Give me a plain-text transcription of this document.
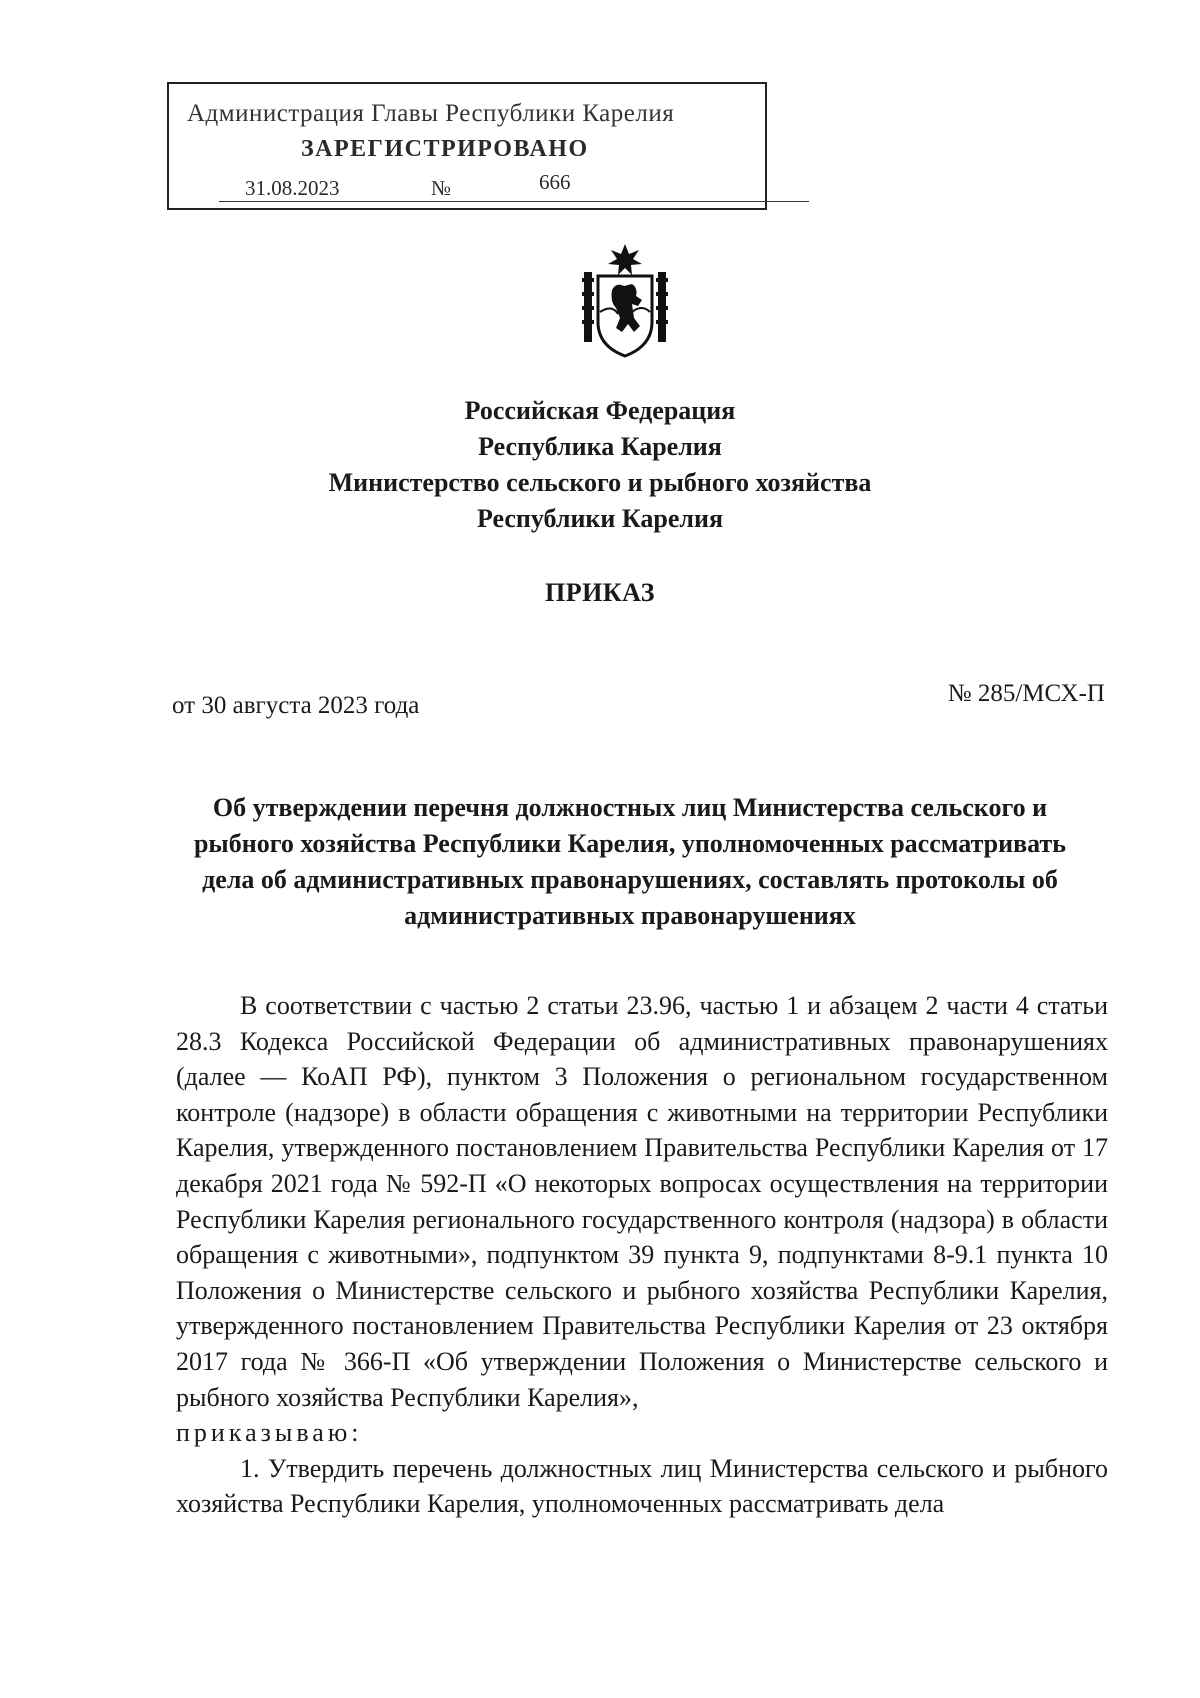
Администрация Главы Республики Карелия
ЗАРЕГИСТРИРОВАНО
31.08.2023	№	666
Российская Федерация
Республика Карелия
Министерство сельского и рыбного хозяйства
Республики Карелия
ПРИКАЗ
от 30 августа 2023 года	№ 285/МСХ-П
Об утверждении перечня должностных лиц Министерства сельского и рыбного хозяйства Республики Карелия, уполномоченных рассматривать дела об административных правонарушениях, составлять протоколы об административных правонарушениях

В соответствии с частью 2 статьи 23.96, частью 1 и абзацем 2 части 4 статьи 28.3 Кодекса Российской Федерации об административных правонарушениях (далее — КоАП РФ), пунктом 3 Положения о региональном государственном контроле (надзоре) в области обращения с животными на территории Республики Карелия, утвержденного постановлением Правительства Республики Карелия от 17 декабря 2021 года № 592-П «О некоторых вопросах осуществления на территории Республики Карелия регионального государственного контроля (надзора) в области обращения с животными», подпунктом 39 пункта 9, подпунктами 8-9.1 пункта 10 Положения о Министерстве сельского и рыбного хозяйства Республики Карелия, утвержденного постановлением Правительства Республики Карелия от 23 октября 2017 года № 366-П «Об утверждении Положения о Министерстве сельского и рыбного хозяйства Республики Карелия»,

приказываю:

1. Утвердить перечень должностных лиц Министерства сельского и рыбного хозяйства Республики Карелия, уполномоченных рассматривать дела
